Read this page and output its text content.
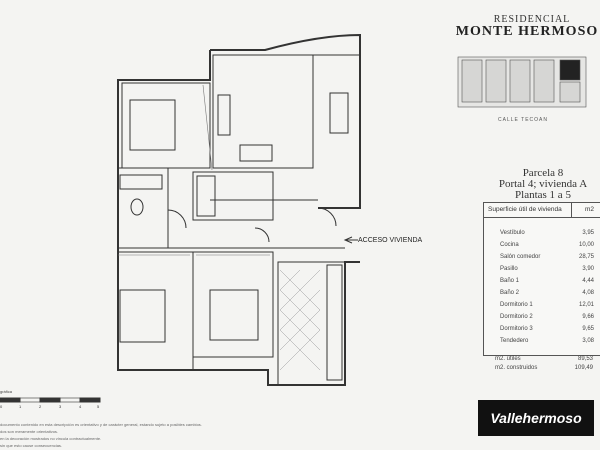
RESIDENCIAL
MONTE HERMOSO
CALLE TECOAN
Parcela 8
Portal 4; vivienda A
Plantas 1 a 5
ACCESO VIVIENDA
Superficie útil de vivienda	m2
Vestíbulo	3,95
Cocina	10,00
Salón comedor	28,75
Pasillo	3,90
Baño 1	4,44
Baño 2	4,08
Dormitorio 1	12,01
Dormitorio 2	9,66
Dormitorio 3	9,65
Tendedero	3,08
m2. útiles	89,53
m2. construidos	109,49
Vallehermoso
gráfica
0	1	2	3	4	5
documento contenido en esta descripción es orientativo y de carácter general, estando sujeto a posibles cambios.
dos son meramente orientativos.
en la decoración mostrados no vincula contractualmente.
sin que esto cause consecuencias.
